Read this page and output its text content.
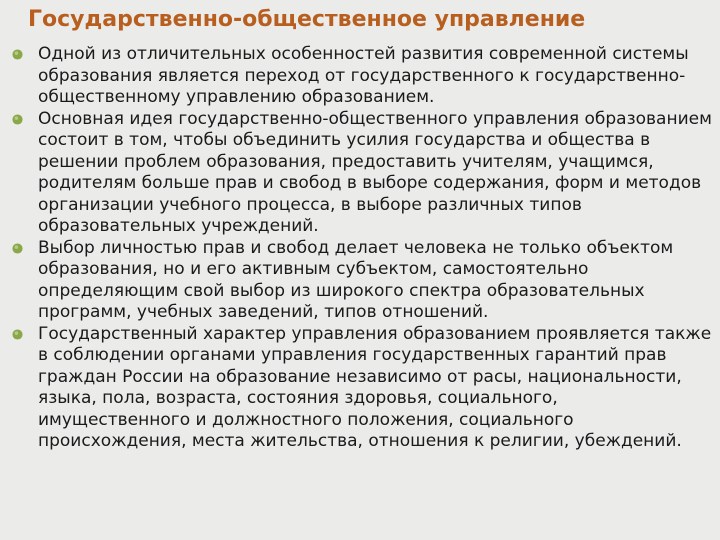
Государственно-общественное управление
Одной из отличительных особенностей развития современной системы образования является переход от государственного к государственно-общественному управлению образованием.
Основная идея государственно-общественного управления образованием состоит в том, чтобы объединить усилия государства и общества в решении проблем образования, предоставить учителям, учащимся, родителям больше прав и свобод в выборе содержания, форм и методов организации учебного процесса, в выборе различных типов образовательных учреждений.
Выбор личностью прав и свобод делает человека не только объектом образования, но и его активным субъектом, самостоятельно определяющим свой выбор из широкого спектра образовательных программ, учебных заведений, типов отношений.
Государственный характер управления образованием проявляется также в соблюдении органами управления государственных гарантий прав граждан России на образование независимо от расы, национальности, языка, пола, возраста, состояния здоровья, социального, имущественного и должностного положения, социального происхождения, места жительства, отношения к религии, убеждений.
